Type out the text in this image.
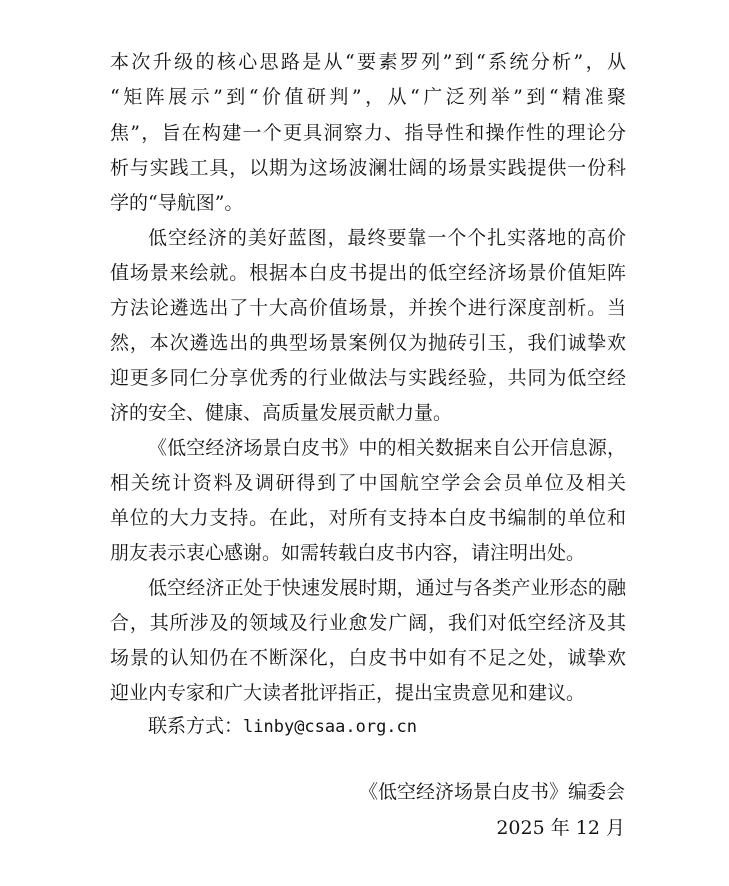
本次升级的核心思路是从“要素罗列”到“系统分析”，从
“矩阵展示”到“价值研判”，从“广泛列举”到“精准聚
焦”，旨在构建一个更具洞察力、指导性和操作性的理论分
析与实践工具，以期为这场波澜壮阔的场景实践提供一份科
学的“导航图”。
低空经济的美好蓝图，最终要靠一个个扎实落地的高价
值场景来绘就。根据本白皮书提出的低空经济场景价值矩阵
方法论遴选出了十大高价值场景，并挨个进行深度剖析。当
然，本次遴选出的典型场景案例仅为抛砖引玉，我们诚挚欢
迎更多同仁分享优秀的行业做法与实践经验，共同为低空经
济的安全、健康、高质量发展贡献力量。
《低空经济场景白皮书》中的相关数据来自公开信息源，
相关统计资料及调研得到了中国航空学会会员单位及相关
单位的大力支持。在此，对所有支持本白皮书编制的单位和
朋友表示衷心感谢。如需转载白皮书内容，请注明出处。
低空经济正处于快速发展时期，通过与各类产业形态的融
合，其所涉及的领域及行业愈发广阔，我们对低空经济及其
场景的认知仍在不断深化，白皮书中如有不足之处，诚挚欢
迎业内专家和广大读者批评指正，提出宝贵意见和建议。
联系方式：linby@csaa.org.cn
《低空经济场景白皮书》编委会
2025 年 12 月
